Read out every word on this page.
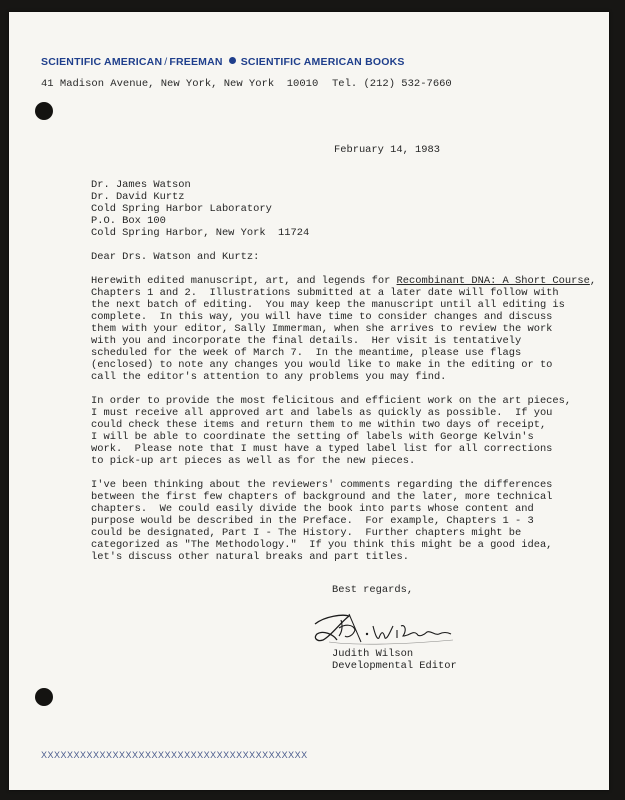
SCIENTIFIC AMERICAN / FREEMAN SCIENTIFIC AMERICAN BOOKS
41 Madison Avenue, New York, New York  10010 Tel. (212) 532-7660
February 14, 1983
Dr. James Watson
Dr. David Kurtz
Cold Spring Harbor Laboratory
P.O. Box 100
Cold Spring Harbor, New York  11724
Dear Drs. Watson and Kurtz:
Herewith edited manuscript, art, and legends for Recombinant DNA: A Short Course,
Chapters 1 and 2.  Illustrations submitted at a later date will follow with
the next batch of editing.  You may keep the manuscript until all editing is
complete.  In this way, you will have time to consider changes and discuss
them with your editor, Sally Immerman, when she arrives to review the work
with you and incorporate the final details.  Her visit is tentatively
scheduled for the week of March 7.  In the meantime, please use flags
(enclosed) to note any changes you would like to make in the editing or to
call the editor's attention to any problems you may find.
In order to provide the most felicitous and efficient work on the art pieces,
I must receive all approved art and labels as quickly as possible.  If you
could check these items and return them to me within two days of receipt,
I will be able to coordinate the setting of labels with George Kelvin's
work.  Please note that I must have a typed label list for all corrections
to pick-up art pieces as well as for the new pieces.
I've been thinking about the reviewers' comments regarding the differences
between the first few chapters of background and the later, more technical
chapters.  We could easily divide the book into parts whose content and
purpose would be described in the Preface.  For example, Chapters 1 - 3
could be designated, Part I - The History.  Further chapters might be
categorized as "The Methodology."  If you think this might be a good idea,
let's discuss other natural breaks and part titles.
Best regards,
Judith Wilson
Developmental Editor
XXXXXXXXXXXXXXXXXXXXXXXXXXXXXXXXXXXXXXXXX
